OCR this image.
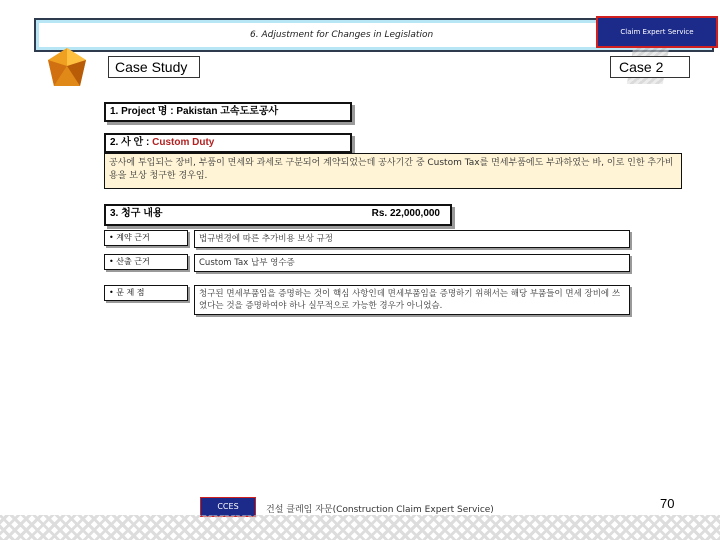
6. Adjustment for Changes in Legislation	Claim Expert Service
Case Study	Case 2
1. Project 명 : Pakistan 고속도로공사
2. 사 안 : Custom Duty
공사에 투입되는 장비, 부품이 면세와 과세로 구분되어 계약되었는데 공사기간 중 Custom Tax를 면세부품에도 부과하였는 바, 이로 인한 추가비용을 보상 청구한 경우임.
3. 청구 내용	Rs. 22,000,000
• 계약 근거	법규변경에 따른 추가비용 보상 규정
• 산출 근거	Custom Tax 납부 영수증
• 문 제 점	청구된 면세부품임을 증명하는 것이 핵심 사항인데 면세부품임을 증명하기 위해서는 해당 부품들이 면세 장비에 쓰였다는 것을 증명하여야 하나 실무적으로 가능한 경우가 아니었슴.
CCES	건설 클레임 자문(Construction Claim Expert Service)	70
